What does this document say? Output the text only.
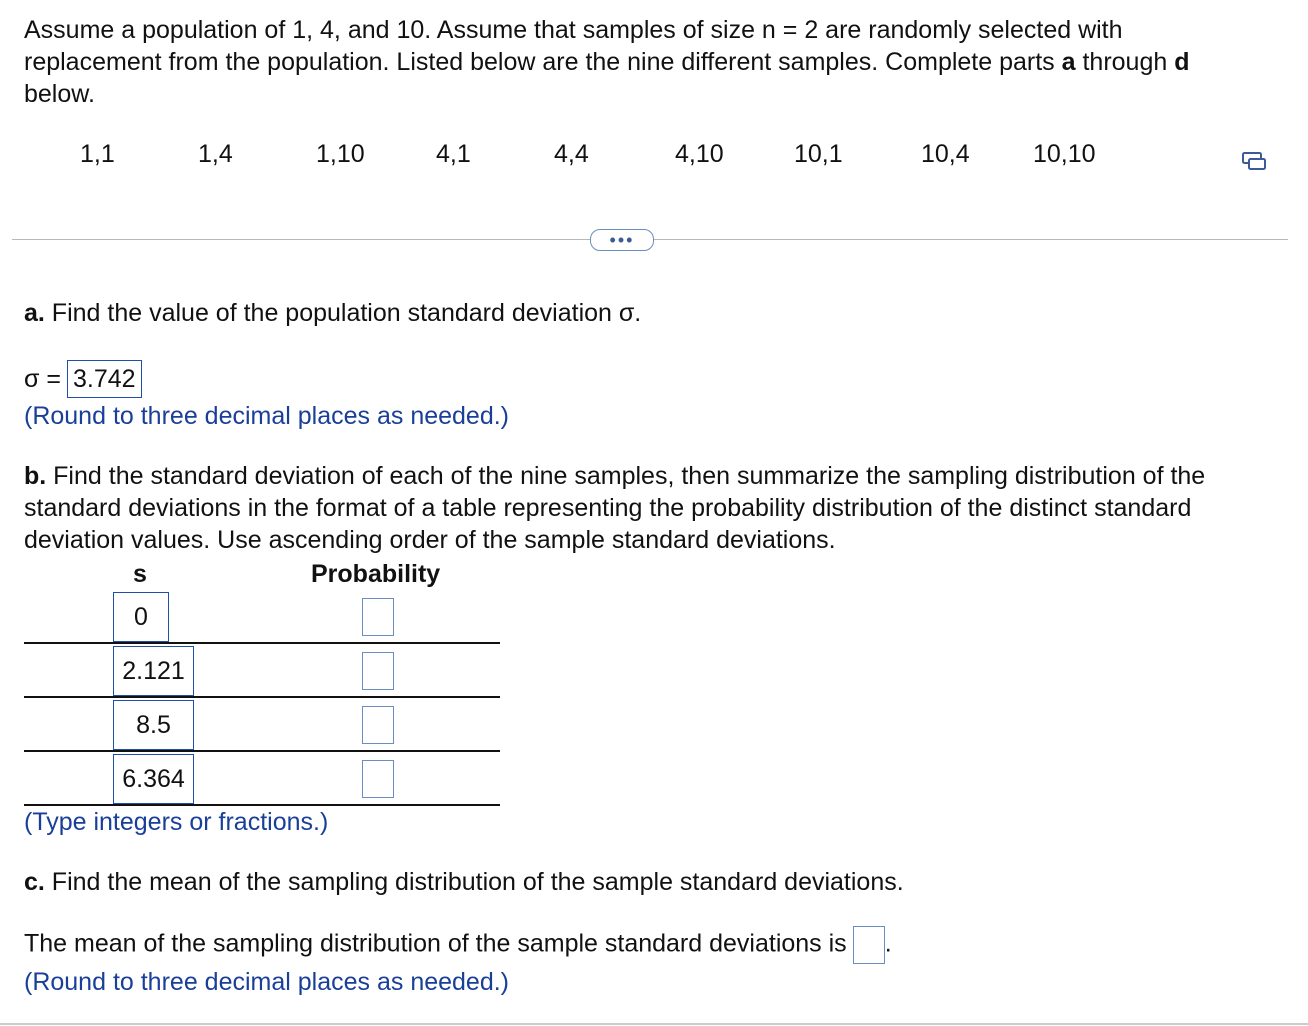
Assume a population of 1, 4, and 10. Assume that samples of size n = 2 are randomly selected with
replacement from the population. Listed below are the nine different samples. Complete parts a through d
below.
1,1	1,4	1,10	4,1	4,4	4,10	10,1	10,4	10,10
•••
a. Find the value of the population standard deviation σ.
σ = 3.742
(Round to three decimal places as needed.)
b. Find the standard deviation of each of the nine samples, then summarize the sampling distribution of the
standard deviations in the format of a table representing the probability distribution of the distinct standard
deviation values. Use ascending order of the sample standard deviations.
s	Probability
0
2.121
8.5
6.364
(Type integers or fractions.)
c. Find the mean of the sampling distribution of the sample standard deviations.
The mean of the sampling distribution of the sample standard deviations is .
(Round to three decimal places as needed.)
